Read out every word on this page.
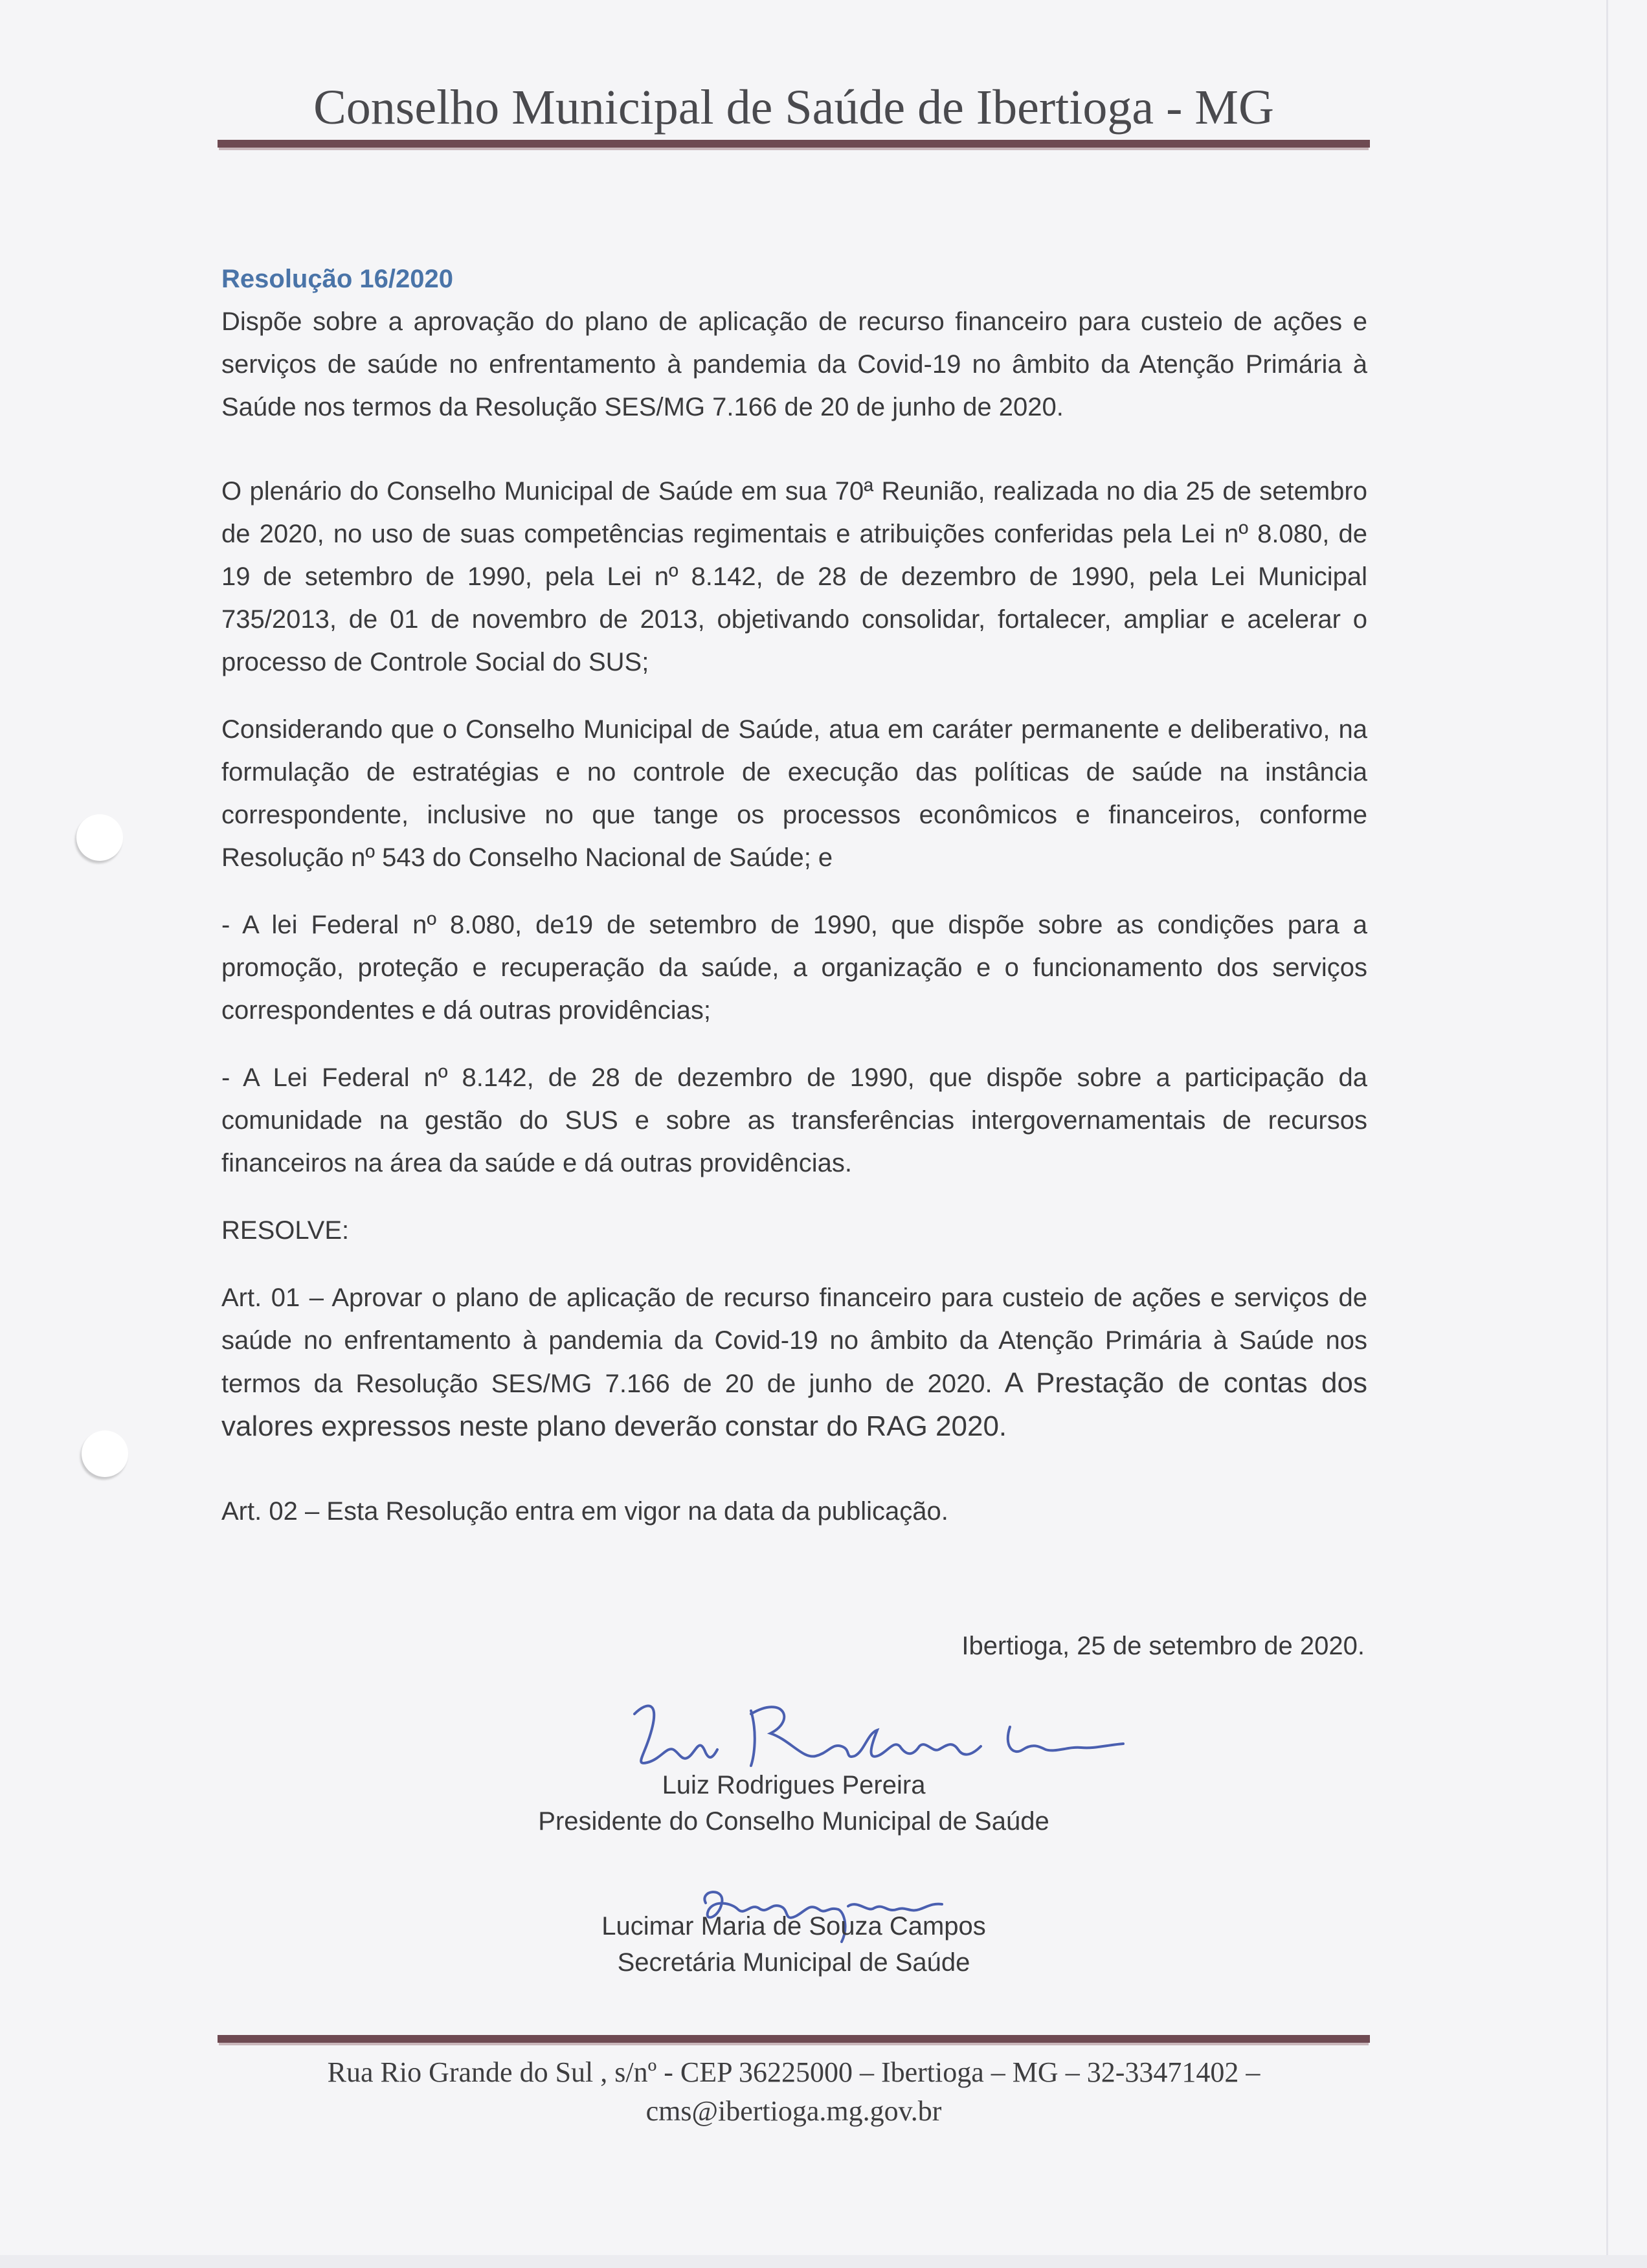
Conselho Municipal de Saúde de Ibertioga - MG
Resolução 16/2020

Dispõe sobre a aprovação do plano de aplicação de recurso financeiro para custeio de ações e serviços de saúde no enfrentamento à pandemia da Covid-19 no âmbito da Atenção Primária à Saúde nos termos da Resolução SES/MG 7.166 de 20 de junho de 2020.

O plenário do Conselho Municipal de Saúde em sua 70ª Reunião, realizada no dia 25 de setembro de 2020, no uso de suas competências regimentais e atribuições conferidas pela Lei nº 8.080, de 19 de setembro de 1990, pela Lei nº 8.142, de 28 de dezembro de 1990, pela Lei Municipal 735/2013, de 01 de novembro de 2013, objetivando consolidar, fortalecer, ampliar e acelerar o processo de Controle Social do SUS;

Considerando que o Conselho Municipal de Saúde, atua em caráter permanente e deliberativo, na formulação de estratégias e no controle de execução das políticas de saúde na instância correspondente, inclusive no que tange os processos econômicos e financeiros, conforme Resolução nº 543 do Conselho Nacional de Saúde; e

- A lei Federal nº 8.080, de19 de setembro de 1990, que dispõe sobre as condições para a promoção, proteção e recuperação da saúde, a organização e o funcionamento dos serviços correspondentes e dá outras providências;

- A Lei Federal nº 8.142, de 28 de dezembro de 1990, que dispõe sobre a participação da comunidade na gestão do SUS e sobre as transferências intergovernamentais de recursos financeiros na área da saúde e dá outras providências.

RESOLVE:

Art. 01 – Aprovar o plano de aplicação de recurso financeiro para custeio de ações e serviços de saúde no enfrentamento à pandemia da Covid-19 no âmbito da Atenção Primária à Saúde nos termos da Resolução SES/MG 7.166 de 20 de junho de 2020. A Prestação de contas dos valores expressos neste plano deverão constar do RAG 2020.

Art. 02 – Esta Resolução entra em vigor na data da publicação.

Ibertioga, 25 de setembro de 2020.
Luiz Rodrigues Pereira
Presidente do Conselho Municipal de Saúde
Lucimar Maria de Souza Campos
Secretária Municipal de Saúde
Rua Rio Grande do Sul , s/nº - CEP 36225000 – Ibertioga – MG – 32-33471402 –
cms@ibertioga.mg.gov.br
